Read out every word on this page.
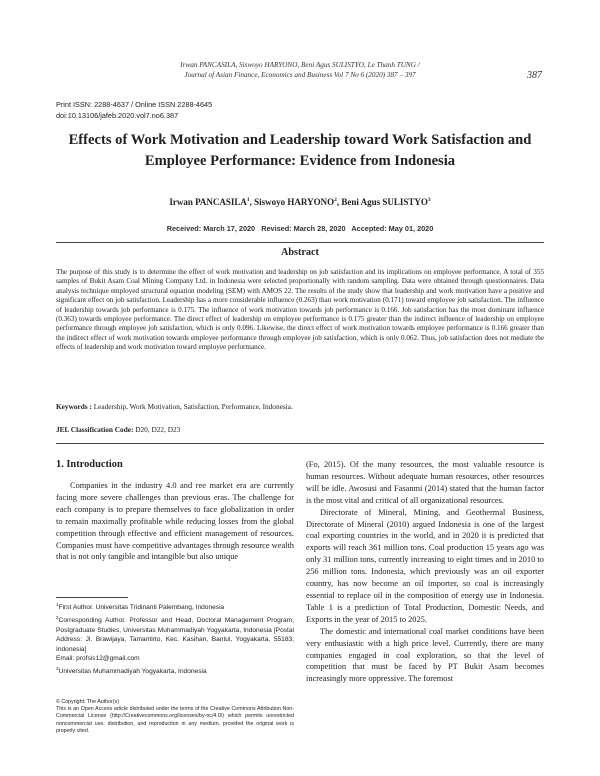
Irwan PANCASILA, Siswoyo HARYONO, Beni Agus SULISTYO, Le Thanh TUNG /
Journal of Asian Finance, Economics and Business Vol 7 No 6 (2020) 387 – 397	387
Print ISSN: 2288-4637 / Online ISSN 2288-4645
doi:10.13106/jafeb.2020.vol7.no6.387
Effects of Work Motivation and Leadership toward Work Satisfaction and Employee Performance: Evidence from Indonesia
Irwan PANCASILA$^1$, Siswoyo HARYONO$^2$, Beni Agus SULISTYO$^3$
Received: March 17, 2020   Revised: March 28, 2020   Accepted: May 01, 2020
Abstract
The purpose of this study is to determine the effect of work motivation and leadership on job satisfaction and its implications on employee performance. A total of 355 samples of Bukit Asam Coal Mining Company Ltd. in Indonesia were selected proportionally with random sampling. Data were obtained through questionnaires. Data analysis technique employed structural equation modeling (SEM) with AMOS 22. The results of the study show that leadership and work motivation have a positive and significant effect on job satisfaction. Leadership has a more considerable influence (0.263) than work motivation (0.171) toward employee job satisfaction. The influence of leadership towards job performance is 0.175. The influence of work motivation towards job performance is 0.166. Job satisfaction has the most dominant influence (0.363) towards employee performance. The direct effect of leadership on employee performance is 0.175 greater than the indirect influence of leadership on employee performance through employee job satisfaction, which is only 0.096. Likewise, the direct effect of work motivation towards employee performance is 0.166 greater than the indirect effect of work motivation towards employee performance through employee job satisfaction, which is only 0.062. Thus, job satisfaction does not mediate the effects of leadership and work motivation toward employee performance.
Keywords : Leadership, Work Motivation, Satisfaction, Performance, Indonesia.
JEL Classification Code: D20, D22, D23
1. Introduction

Companies in the industry 4.0 and ree market era are currently facing more severe challenges than previous eras. The challenge for each company is to prepare themselves to face globalization in order to remain maximally profitable while reducing losses from the global competition through effective and efficient management of resources. Companies must have competitive advantages through resource wealth that is not only tangible and intangible but also unique

(Fo, 2015). Of the many resources, the most valuable resource is human resources. Without adequate human resources, other resources will be idle. Awosusi and Fasanmi (2014) stated that the human factor is the most vital and critical of all organizational resources.

Directorate of Mineral, Mining, and Geothermal Business, Directorate of Mineral (2010) argued Indonesia is one of the largest coal exporting countries in the world, and in 2020 it is predicted that exports will reach 361 million tons. Coal production 15 years ago was only 31 million tons, currently increasing to eight times and in 2010 to 256 million tons. Indonesia, which previously was an oil exporter country, has now become an oil importer, so coal is increasingly essential to replace oil in the composition of energy use in Indonesia. Table 1 is a prediction of Total Production, Domestic Needs, and Exports in the year of 2015 to 2025.

The domestic and international coal market conditions have been very enthusiastic with a high price level. Currently, there are many companies engaged in coal exploration, so that the level of competition that must be faced by PT Bukit Asam becomes increasingly more oppressive. The foremost

$^1$First Author. Universitas Tridinanti Palembang, Indonesia

$^2$Corresponding Author. Professor and Head, Doctoral Management Program, Postgraduate Studies, Universitas Muhammadiyah Yogyakarta, Indonesia [Postal Address: Jl. Brawijaya, Tamantirto, Kec. Kasihan, Bantul, Yogyakarta, 55183, Indonesia]

Email: profsis12@gmail.com

$^3$Universitas Muhammadiyah Yogyakarta, Indonesia

© Copyright: The Author(s)

This is an Open Access article distributed under the terms of the Creative Commons Attribution Non-Commercial License (http://Creativecommons.org/licenses/by-nc/4.0/) which permits unrestricted noncommercial use, distribution, and reproduction in any medium, provided the original work is properly cited.
